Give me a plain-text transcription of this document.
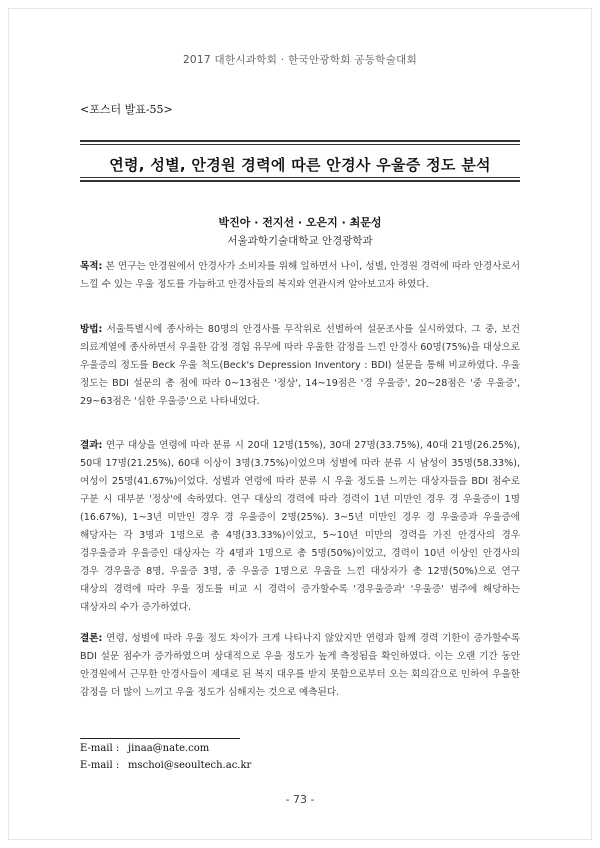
2017 대한시과학회 · 한국안광학회 공동학술대회
<포스터 발표-55>
연령, 성별, 안경원 경력에 따른 안경사 우울증 정도 분석
박진아 · 전지선 · 오은지 · 최문성
서울과학기술대학교 안경광학과
목적: 본 연구는 안경원에서 안경사가 소비자를 위해 일하면서 나이, 성별, 안경원 경력에 따라 안경사로서 느낄 수 있는 우울 정도를 가늠하고 안경사들의 복지와 연관시켜 알아보고자 하였다.
방법: 서울특별시에 종사하는 80명의 안경사를 무작위로 선별하여 설문조사를 실시하였다. 그 중, 보건 의료계열에 종사하면서 우울한 감정 경험 유무에 따라 우울한 감정을 느낀 안경사 60명(75%)을 대상으로 우울증의 정도를 Beck 우울 척도(Beck's Depression Inventory : BDI) 설문을 통해 비교하였다. 우울 정도는 BDI 설문의 총 점에 따라 0~13점은 '정상', 14~19점은 '경 우울증', 20~28점은 '중 우울증', 29~63점은 '심한 우울증'으로 나타내었다.
결과: 연구 대상을 연령에 따라 분류 시 20대 12명(15%), 30대 27명(33.75%), 40대 21명(26.25%), 50대 17명(21.25%), 60대 이상이 3명(3.75%)이었으며 성별에 따라 분류 시 남성이 35명(58.33%), 여성이 25명(41.67%)이었다. 성별과 연령에 따라 분류 시 우울 정도를 느끼는 대상자들을 BDI 점수로 구분 시 대부분 '정상'에 속하였다. 연구 대상의 경력에 따라 경력이 1년 미만인 경우 경 우울증이 1명(16.67%), 1~3년 미만인 경우 경 우울증이 2명(25%). 3~5년 미만인 경우 경 우울증과 우울증에 해당자는 각 3명과 1명으로 총 4명(33.33%)이었고, 5~10년 미만의 경력을 가진 안경사의 경우 경우울증과 우울증인 대상자는 각 4명과 1명으로 총 5명(50%)이었고, 경력이 10년 이상인 안경사의 경우 경우울증 8명, 우울증 3명, 중 우울증 1명으로 우울을 느낀 대상자가 총 12명(50%)으로 연구 대상의 경력에 따라 우울 정도를 비교 시 경력이 증가할수록 '경우울증과' '우울증' 범주에 해당하는 대상자의 수가 증가하였다.
결론: 연령, 성별에 따라 우울 정도 차이가 크게 나타나지 않았지만 연령과 함께 경력 기한이 증가할수록 BDI 설문 점수가 증가하였으며 상대적으로 우울 정도가 높게 측정됨을 확인하였다. 이는 오랜 기간 동안 안경원에서 근무한 안경사들이 제대로 된 복지 대우를 받지 못함으로부터 오는 회의감으로 인하여 우울한 감정을 더 많이 느끼고 우울 정도가 심해지는 것으로 예측된다.
E-mail : jinaa@nate.com
E-mail : mschoi@seoultech.ac.kr
- 73 -
